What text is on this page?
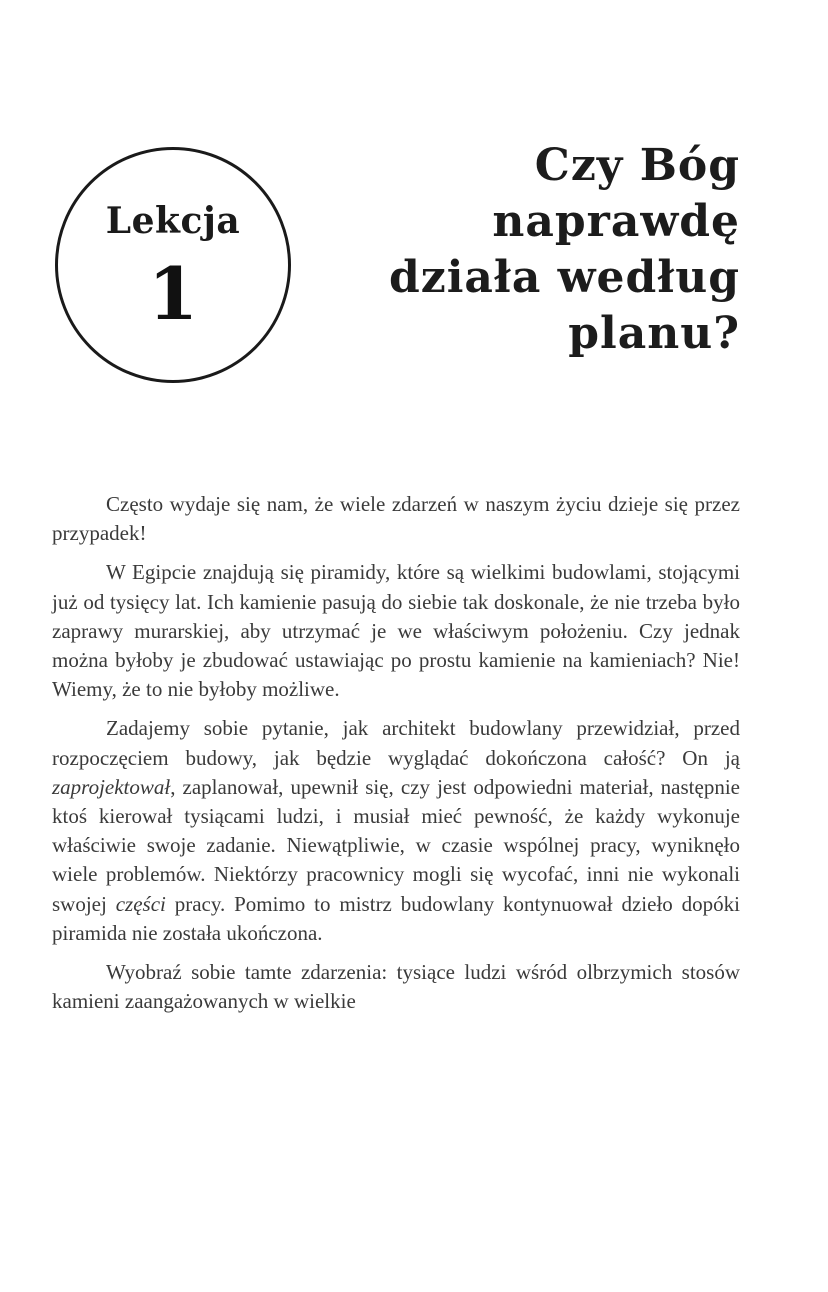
Lekcja
1
Czy Bóg
naprawdę
działa według
planu?

Często wydaje się nam, że wiele zdarzeń w naszym życiu dzieje się przez przypadek!

W Egipcie znajdują się piramidy, które są wielkimi budowlami, stojącymi już od tysięcy lat. Ich kamienie pasują do siebie tak doskonale, że nie trzeba było zaprawy murarskiej, aby utrzymać je we właściwym położeniu. Czy jednak można byłoby je zbudować ustawiając po prostu kamienie na kamieniach? Nie! Wiemy, że to nie byłoby możliwe.

Zadajemy sobie pytanie, jak architekt budowlany przewidział, przed rozpoczęciem budowy, jak będzie wyglądać dokończona całość? On ją zaprojektował, zaplanował, upewnił się, czy jest odpowiedni materiał, następnie ktoś kierował tysiącami ludzi, i musiał mieć pewność, że każdy wykonuje właściwie swoje zadanie. Niewątpliwie, w czasie wspólnej pracy, wyniknęło wiele problemów. Niektórzy pracownicy mogli się wycofać, inni nie wykonali swojej części pracy. Pomimo to mistrz budowlany kontynuował dzieło dopóki piramida nie została ukończona.

Wyobraź sobie tamte zdarzenia: tysiące ludzi wśród olbrzymich stosów kamieni zaangażowanych w wielkie
